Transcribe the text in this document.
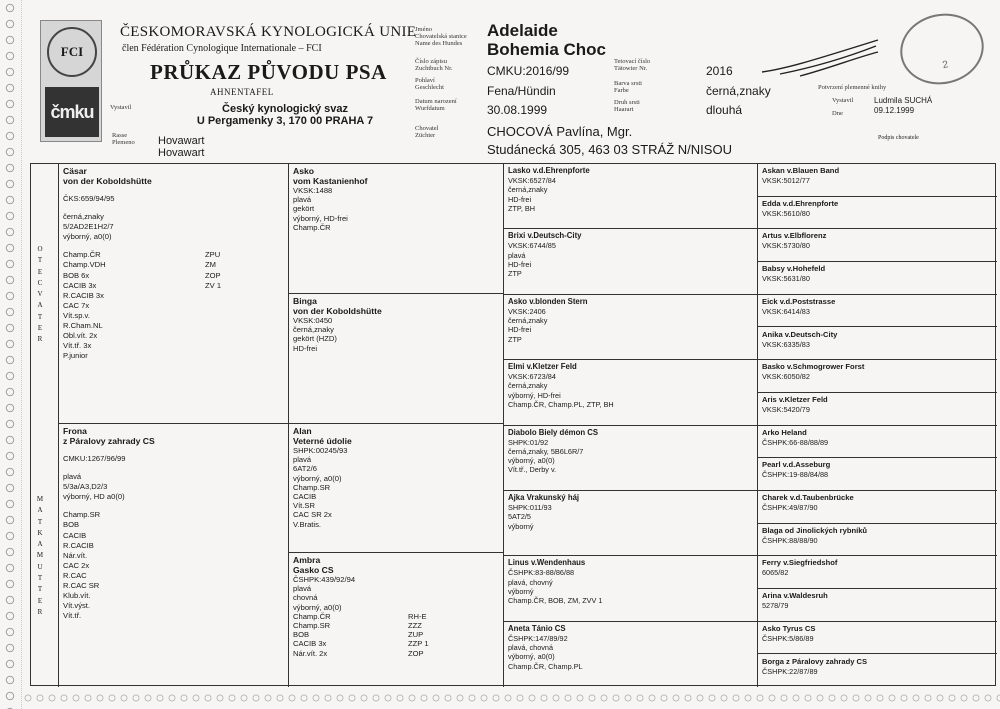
FCI
čmku
ČESKOMORAVSKÁ KYNOLOGICKÁ UNIE
člen Fédération Cynologique Internationale – FCI
PRŮKAZ PŮVODU PSA
AHNENTAFEL
Český kynologický svaz
U Pergamenky 3, 170 00 PRAHA 7
Vystavil
Rasse
Plemeno Hovawart
Hovawart
Jméno
Chovatelská stanice
Name des Hundes
Číslo zápisu
Zuchtbuch Nr.
Pohlaví
Geschlecht
Datum narození
Wurfdatum
Chovatel
Züchter
Tetovací číslo
Tätowier Nr.
Barva srsti
Farbe
Druh srsti
Haarart
Adelaide
Bohemia Choc
CMKU:2016/99
Fena/Hündin
30.08.1999
2016
černá,znaky
dlouhá
CHOCOVÁ Pavlína, Mgr.
Studánecká 305, 463 03 STRÁŽ N/NISOU
2
Potvrzení plemenné knihy
Vystavil
Dne
Ludmila SUCHÁ
09.12.1999
Podpis chovatele
O
T
E
C
V
A
T
E
R
M
A
T
K
A
M
U
T
T
E
R
Cäsar
von der Koboldshütte
ČKS:659/94/95
černá,znaky
5/2AD2E1H2/7
výborný, a0(0)
Champ.ČR	ZPU
Champ.VDH	ZM
BOB 6x	ZOP
CACIB 3x	ZV 1
R.CACIB 3x
CAC 7x
Vít.sp.v.
R.Cham.NL
Obl.vít. 2x
Vít.tř. 3x
P.junior
Frona
z Páralovy zahrady CS
CMKU:1267/96/99
plavá
5/3a/A3,D2/3
výborný, HD a0(0)
Champ.SR
BOB
CACIB
R.CACIB
Nár.vít.
CAC 2x
R.CAC
R.CAC SR
Klub.vít.
Vít.výst.
Vít.tř.
Asko
vom Kastanienhof
VKSK:1488
plavá
gekört
výborný, HD-frei
Champ.ČR
Binga
von der Koboldshütte
VKSK:0450
černá,znaky
gekört (HZD)
HD-frei
Alan
Veterné údolie
SHPK:00245/93
plavá
6AT2/6
výborný, a0(0)
Champ.SR
CACIB
Vít.SR
CAC SR 2x
V.Bratis.
Ambra
Gasko CS
ČSHPK:439/92/94
plavá
chovná
výborný, a0(0)
Champ.ČR	RH-E
Champ.SR	ZZZ
BOB	ZUP
CACIB 3x	ZZP 1
Nár.vít. 2x	ZOP
Lasko v.d.Ehrenpforte
VKSK:6527/84
černá,znaky
HD-frei
ZTP, BH
Brixi v.Deutsch-City
VKSK:6744/85
plavá
HD-frei
ZTP
Asko v.blonden Stern
VKSK:2406
černá,znaky
HD-frei
ZTP
Elmi v.Kletzer Feld
VKSK:6723/84
černá,znaky
výborný, HD-frei
Champ.ČR, Champ.PL, ZTP, BH
Diabolo Biely démon CS
SHPK:01/92
černá,znaky, 5B6L6R/7
výborný, a0(0)
Vít.tř., Derby v.
Ajka Vrakunský háj
SHPK:011/93
5AT2/5
výborný
Linus v.Wendenhaus
ČSHPK:83-88/86/88
plavá, chovný
výborný
Champ.ČR, BOB, ZM, ZVV 1
Aneta Tánio CS
ČSHPK:147/89/92
plavá, chovná
výborný, a0(0)
Champ.ČR, Champ.PL
Askan v.Blauen Band
VKSK:5012/77
Edda v.d.Ehrenpforte
VKSK:5610/80
Artus v.Elbflorenz
VKSK:5730/80
Babsy v.Hohefeld
VKSK:5631/80
Eick v.d.Poststrasse
VKSK:6414/83
Anika v.Deutsch-City
VKSK:6335/83
Basko v.Schmogrower Forst
VKSK:6050/82
Aris v.Kletzer Feld
VKSK:5420/79
Arko Heland
ČSHPK:66-88/88/89
Pearl v.d.Asseburg
ČSHPK:19-88/84/88
Charek v.d.Taubenbrücke
ČSHPK:49/87/90
Blaga od Jinolických rybníků
ČSHPK:88/88/90
Ferry v.Siegfriedshof
6065/82
Arina v.Waldesruh
5278/79
Asko Tyrus CS
ČSHPK:5/86/89
Borga z Páralovy zahrady CS
ČSHPK:22/87/89
